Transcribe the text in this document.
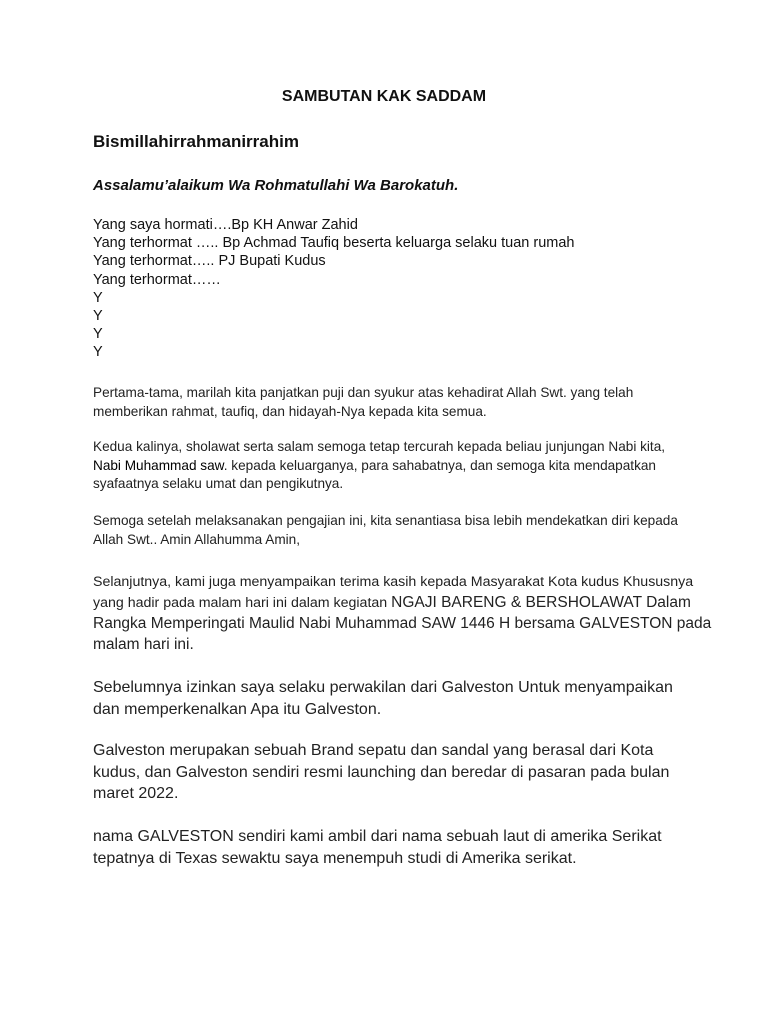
SAMBUTAN KAK SADDAM
Bismillahirrahmanirrahim
Assalamu’alaikum Wa Rohmatullahi Wa Barokatuh.
Yang saya hormati….Bp KH Anwar Zahid
Yang terhormat ….. Bp Achmad Taufiq beserta keluarga selaku tuan rumah
Yang terhormat….. PJ Bupati Kudus
Yang terhormat……
Y
Y
Y
Y
Pertama-tama, marilah kita panjatkan puji dan syukur atas kehadirat Allah Swt. yang telah memberikan rahmat, taufiq, dan hidayah-Nya kepada kita semua.
Kedua kalinya, sholawat serta salam semoga tetap tercurah kepada beliau junjungan Nabi kita, Nabi Muhammad saw. kepada keluarganya, para sahabatnya, dan semoga kita mendapatkan syafaatnya selaku umat dan pengikutnya.
Semoga setelah melaksanakan pengajian ini, kita senantiasa bisa lebih mendekatkan diri kepada Allah Swt.. Amin Allahumma Amin,
Selanjutnya, kami juga menyampaikan terima kasih kepada Masyarakat Kota kudus Khususnya yang hadir pada malam hari ini dalam kegiatan NGAJI BARENG & BERSHOLAWAT Dalam Rangka Memperingati Maulid Nabi Muhammad SAW 1446 H bersama GALVESTON pada malam hari ini.
Sebelumnya izinkan saya selaku perwakilan dari Galveston Untuk menyampaikan dan memperkenalkan Apa itu Galveston.
Galveston merupakan sebuah Brand sepatu dan sandal yang berasal dari Kota kudus, dan Galveston sendiri resmi launching dan beredar di pasaran pada bulan maret 2022.
nama GALVESTON sendiri kami ambil dari nama sebuah laut di amerika Serikat tepatnya di Texas sewaktu saya menempuh studi di Amerika serikat.
